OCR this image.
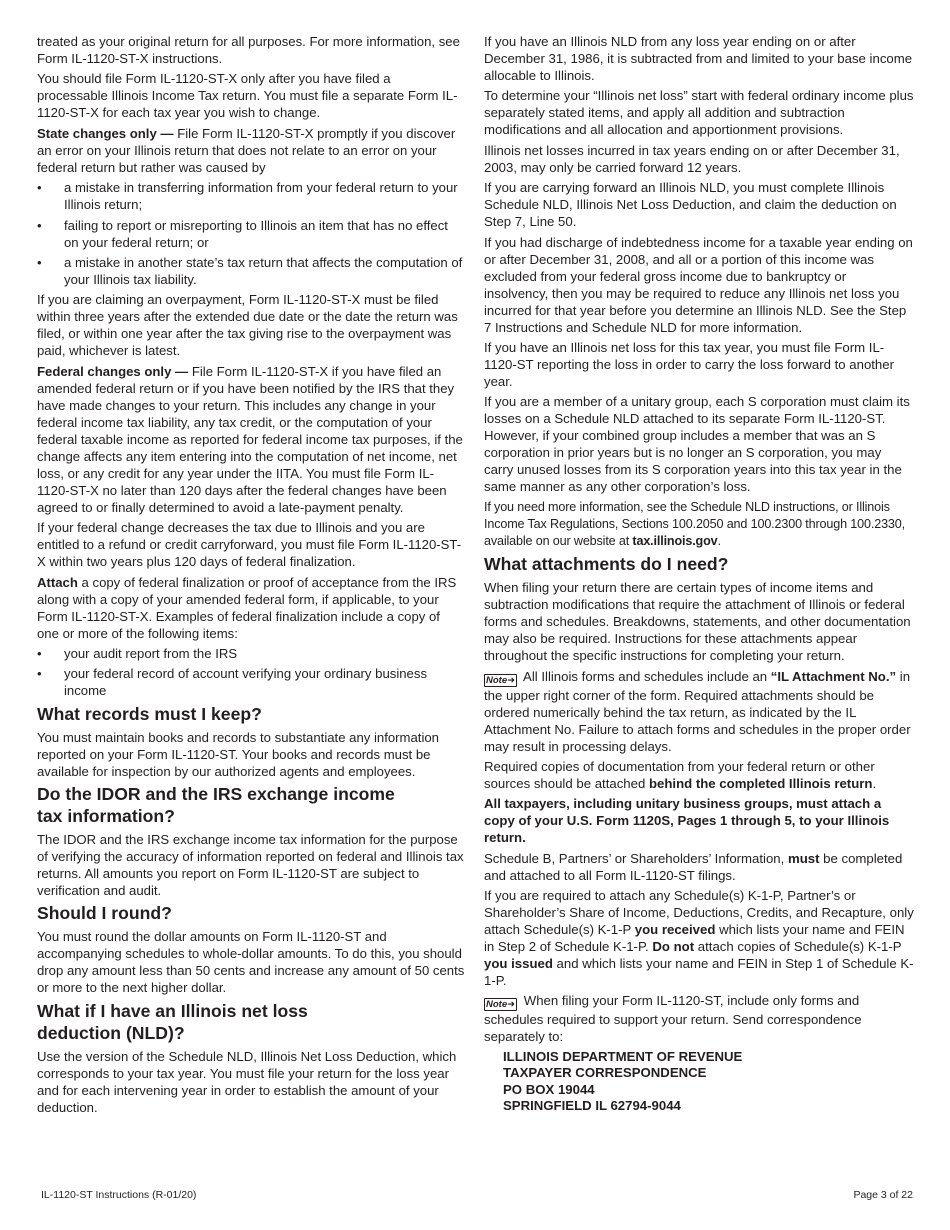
treated as your original return for all purposes. For more information, see Form IL-1120-ST-X instructions.

You should file Form IL-1120-ST-X only after you have filed a processable Illinois Income Tax return. You must file a separate Form IL-1120-ST-X for each tax year you wish to change.

State changes only — File Form IL-1120-ST-X promptly if you discover an error on your Illinois return that does not relate to an error on your federal return but rather was caused by

• a mistake in transferring information from your federal return to your Illinois return;
• failing to report or misreporting to Illinois an item that has no effect on your federal return; or
• a mistake in another state’s tax return that affects the computation of your Illinois tax liability.

If you are claiming an overpayment, Form IL-1120-ST-X must be filed within three years after the extended due date or the date the return was filed, or within one year after the tax giving rise to the overpayment was paid, whichever is latest.

Federal changes only — File Form IL-1120-ST-X if you have filed an amended federal return or if you have been notified by the IRS that they have made changes to your return. This includes any change in your federal income tax liability, any tax credit, or the computation of your federal taxable income as reported for federal income tax purposes, if the change affects any item entering into the computation of net income, net loss, or any credit for any year under the IITA. You must file Form IL-1120-ST-X no later than 120 days after the federal changes have been agreed to or finally determined to avoid a late-payment penalty.

If your federal change decreases the tax due to Illinois and you are entitled to a refund or credit carryforward, you must file Form IL-1120-ST-X within two years plus 120 days of federal finalization.

Attach a copy of federal finalization or proof of acceptance from the IRS along with a copy of your amended federal form, if applicable, to your Form IL-1120-ST-X. Examples of federal finalization include a copy of one or more of the following items:

• your audit report from the IRS
• your federal record of account verifying your ordinary business income
What records must I keep?

You must maintain books and records to substantiate any information reported on your Form IL-1120-ST. Your books and records must be available for inspection by our authorized agents and employees.

Do the IDOR and the IRS exchange income
tax information?

The IDOR and the IRS exchange income tax information for the purpose of verifying the accuracy of information reported on federal and Illinois tax returns. All amounts you report on Form IL-1120-ST are subject to verification and audit.

Should I round?

You must round the dollar amounts on Form IL-1120-ST and accompanying schedules to whole-dollar amounts. To do this, you should drop any amount less than 50 cents and increase any amount of 50 cents or more to the next higher dollar.

What if I have an Illinois net loss
deduction (NLD)?

Use the version of the Schedule NLD, Illinois Net Loss Deduction, which corresponds to your tax year. You must file your return for the loss year and for each intervening year in order to establish the amount of your deduction.

If you have an Illinois NLD from any loss year ending on or after December 31, 1986, it is subtracted from and limited to your base income allocable to Illinois.

To determine your “Illinois net loss” start with federal ordinary income plus separately stated items, and apply all addition and subtraction modifications and all allocation and apportionment provisions.

Illinois net losses incurred in tax years ending on or after December 31, 2003, may only be carried forward 12 years.

If you are carrying forward an Illinois NLD, you must complete Illinois Schedule NLD, Illinois Net Loss Deduction, and claim the deduction on Step 7, Line 50.

If you had discharge of indebtedness income for a taxable year ending on or after December 31, 2008, and all or a portion of this income was excluded from your federal gross income due to bankruptcy or insolvency, then you may be required to reduce any Illinois net loss you incurred for that year before you determine an Illinois NLD. See the Step 7 Instructions and Schedule NLD for more information.

If you have an Illinois net loss for this tax year, you must file Form IL-1120-ST reporting the loss in order to carry the loss forward to another year.

If you are a member of a unitary group, each S corporation must claim its losses on a Schedule NLD attached to its separate Form IL-1120-ST. However, if your combined group includes a member that was an S corporation in prior years but is no longer an S corporation, you may carry unused losses from its S corporation years into this tax year in the same manner as any other corporation’s loss.

If you need more information, see the Schedule NLD instructions, or Illinois Income Tax Regulations, Sections 100.2050 and 100.2300 through 100.2330, available on our website at tax.illinois.gov.

What attachments do I need?

When filing your return there are certain types of income items and subtraction modifications that require the attachment of Illinois or federal forms and schedules. Breakdowns, statements, and other documentation may also be required. Instructions for these attachments appear throughout the specific instructions for completing your return.

Note➜ All Illinois forms and schedules include an “IL Attachment No.” in the upper right corner of the form. Required attachments should be ordered numerically behind the tax return, as indicated by the IL Attachment No. Failure to attach forms and schedules in the proper order may result in processing delays.

Required copies of documentation from your federal return or other sources should be attached behind the completed Illinois return.

All taxpayers, including unitary business groups, must attach a copy of your U.S. Form 1120S, Pages 1 through 5, to your Illinois return.

Schedule B, Partners’ or Shareholders’ Information, must be completed and attached to all Form IL-1120-ST filings.

If you are required to attach any Schedule(s) K-1-P, Partner’s or Shareholder’s Share of Income, Deductions, Credits, and Recapture, only attach Schedule(s) K-1-P you received which lists your name and FEIN in Step 2 of Schedule K-1-P. Do not attach copies of Schedule(s) K-1-P you issued and which lists your name and FEIN in Step 1 of Schedule K-1-P.

Note➜ When filing your Form IL-1120-ST, include only forms and schedules required to support your return. Send correspondence separately to:

ILLINOIS DEPARTMENT OF REVENUE
TAXPAYER CORRESPONDENCE
PO BOX 19044
SPRINGFIELD IL 62794-9044
IL-1120-ST Instructions (R-01/20)	Page 3 of 22
